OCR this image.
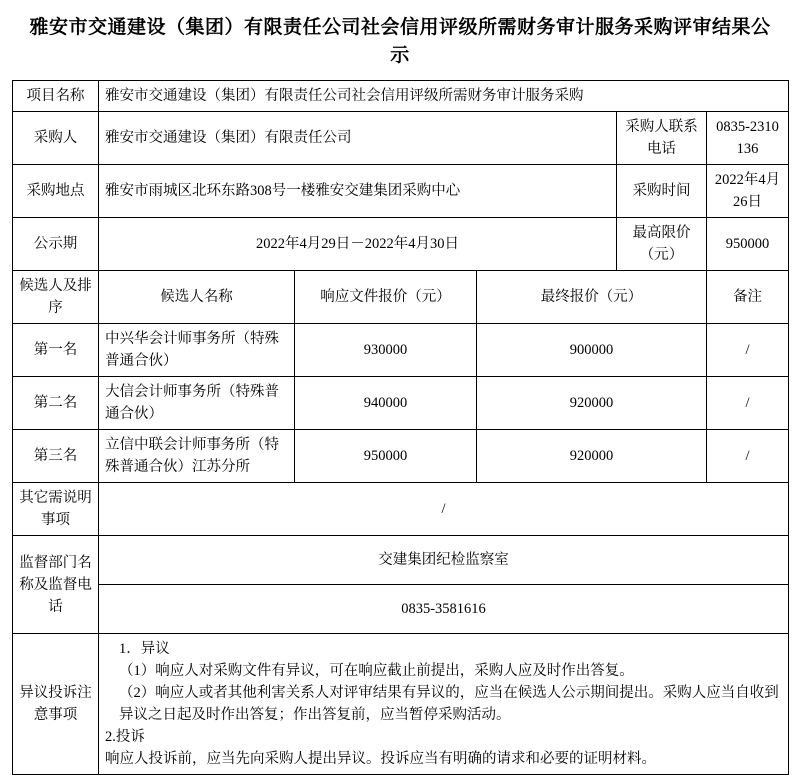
雅安市交通建设（集团）有限责任公司社会信用评级所需财务审计服务采购评审结果公示
项目名称	雅安市交通建设（集团）有限责任公司社会信用评级所需财务审计服务采购				
采购人	雅安市交通建设（集团）有限责任公司			采购人联系电话	0835-2310136
采购地点	雅安市雨城区北环东路308号一楼雅安交建集团采购中心			采购时间	2022年4月26日
公示期	2022年4月29日－2022年4月30日			最高限价（元）	950000
候选人及排序	候选人名称	响应文件报价（元）	最终报价（元）		备注
第一名	中兴华会计师事务所（特殊普通合伙）	930000	900000		/
第二名	大信会计师事务所（特殊普通合伙）	940000	920000		/
第三名	立信中联会计师事务所（特殊普通合伙）江苏分所	950000	920000		/
其它需说明事项	/				
监督部门名称及监督电话	交建集团纪检监察室				
	0835-3581616				
异议投诉注意事项	1．异议

（1）响应人对采购文件有异议，可在响应截止前提出，采购人应及时作出答复。

（2）响应人或者其他利害关系人对评审结果有异议的，应当在候选人公示期间提出。采购人应当自收到异议之日起及时作出答复；作出答复前，应当暂停采购活动。

2.投诉

响应人投诉前，应当先向采购人提出异议。投诉应当有明确的请求和必要的证明材料。				
